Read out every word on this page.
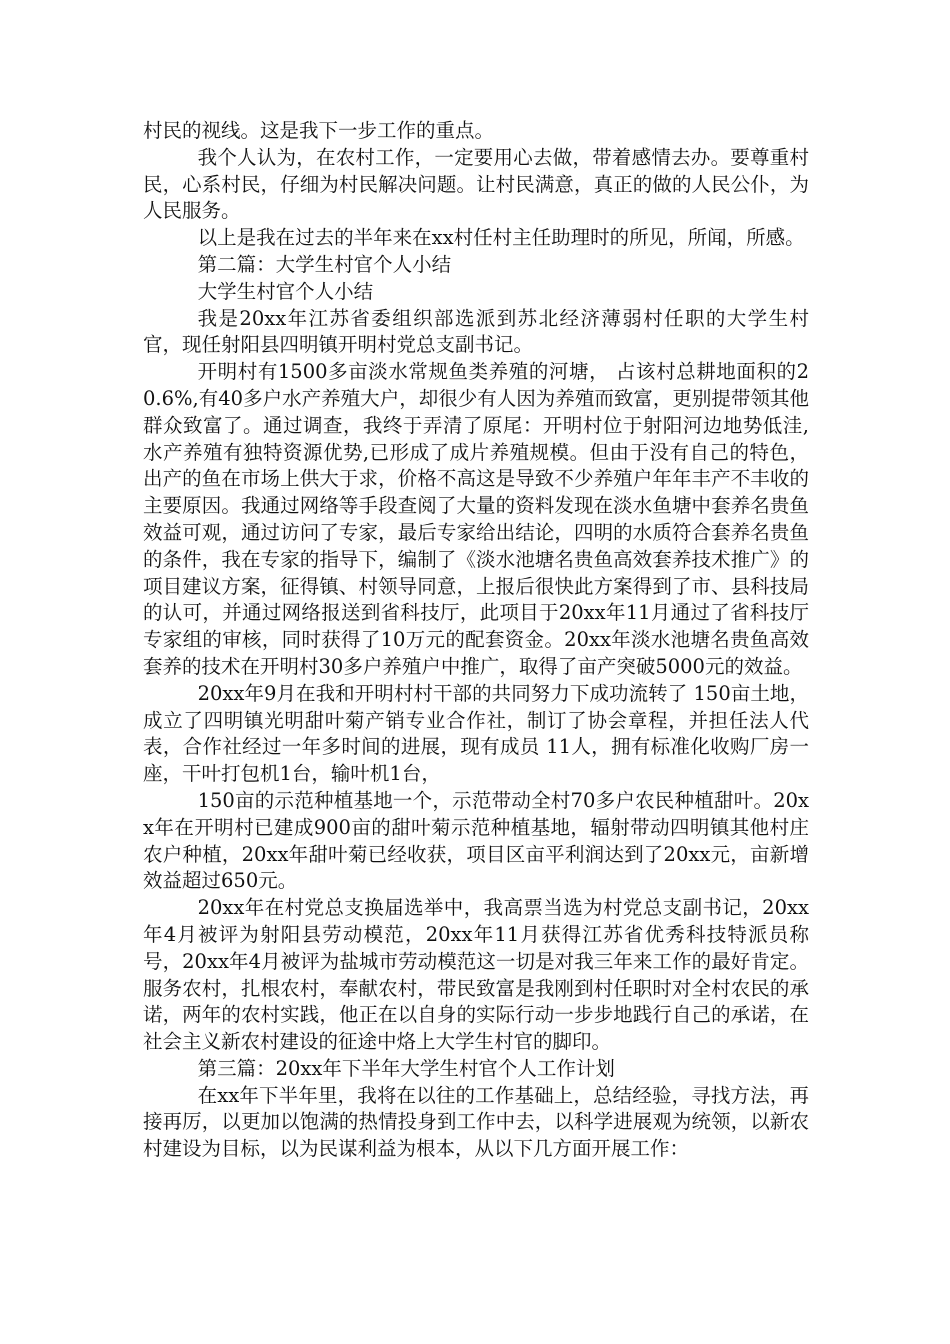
村民的视线。这是我下一步工作的重点。

我个人认为，在农村工作，一定要用心去做，带着感情去办。要尊重村民，心系村民，仔细为村民解决问题。让村民满意，真正的做的人民公仆，为人民服务。

以上是我在过去的半年来在xx村任村主任助理时的所见，所闻，所感。

第二篇：大学生村官个人小结

大学生村官个人小结

我是20xx年江苏省委组织部选派到苏北经济薄弱村任职的大学生村官，现任射阳县四明镇开明村党总支副书记。

开明村有1500多亩淡水常规鱼类养殖的河塘， 占该村总耕地面积的20.6%,有40多户水产养殖大户，却很少有人因为养殖而致富，更别提带领其他群众致富了。通过调查，我终于弄清了原尾：开明村位于射阳河边地势低洼,水产养殖有独特资源优势,已形成了成片养殖规模。但由于没有自己的特色，出产的鱼在市场上供大于求，价格不高这是导致不少养殖户年年丰产不丰收的主要原因。我通过网络等手段查阅了大量的资料发现在淡水鱼塘中套养名贵鱼效益可观，通过访问了专家，最后专家给出结论，四明的水质符合套养名贵鱼的条件，我在专家的指导下，编制了《淡水池塘名贵鱼高效套养技术推广》的项目建议方案，征得镇、村领导同意，上报后很快此方案得到了市、县科技局的认可，并通过网络报送到省科技厅，此项目于20xx年11月通过了省科技厅专家组的审核，同时获得了10万元的配套资金。20xx年淡水池塘名贵鱼高效套养的技术在开明村30多户养殖户中推广，取得了亩产突破5000元的效益。

20xx年9月在我和开明村村干部的共同努力下成功流转了 150亩土地，成立了四明镇光明甜叶菊产销专业合作社，制订了协会章程，并担任法人代表，合作社经过一年多时间的进展，现有成员 11人，拥有标准化收购厂房一座，干叶打包机1台，输叶机1台，

150亩的示范种植基地一个，示范带动全村70多户农民种植甜叶。20xx年在开明村已建成900亩的甜叶菊示范种植基地，辐射带动四明镇其他村庄农户种植，20xx年甜叶菊已经收获，项目区亩平利润达到了20xx元，亩新增效益超过650元。

20xx年在村党总支换届选举中，我高票当选为村党总支副书记，20xx年4月被评为射阳县劳动模范，20xx年11月获得江苏省优秀科技特派员称号，20xx年4月被评为盐城市劳动模范这一切是对我三年来工作的最好肯定。服务农村，扎根农村，奉献农村，带民致富是我刚到村任职时对全村农民的承诺，两年的农村实践，他正在以自身的实际行动一步步地践行自己的承诺，在社会主义新农村建设的征途中烙上大学生村官的脚印。

第三篇：20xx年下半年大学生村官个人工作计划

在xx年下半年里，我将在以往的工作基础上，总结经验，寻找方法，再接再厉，以更加以饱满的热情投身到工作中去，以科学进展观为统领，以新农村建设为目标，以为民谋利益为根本，从以下几方面开展工作：
